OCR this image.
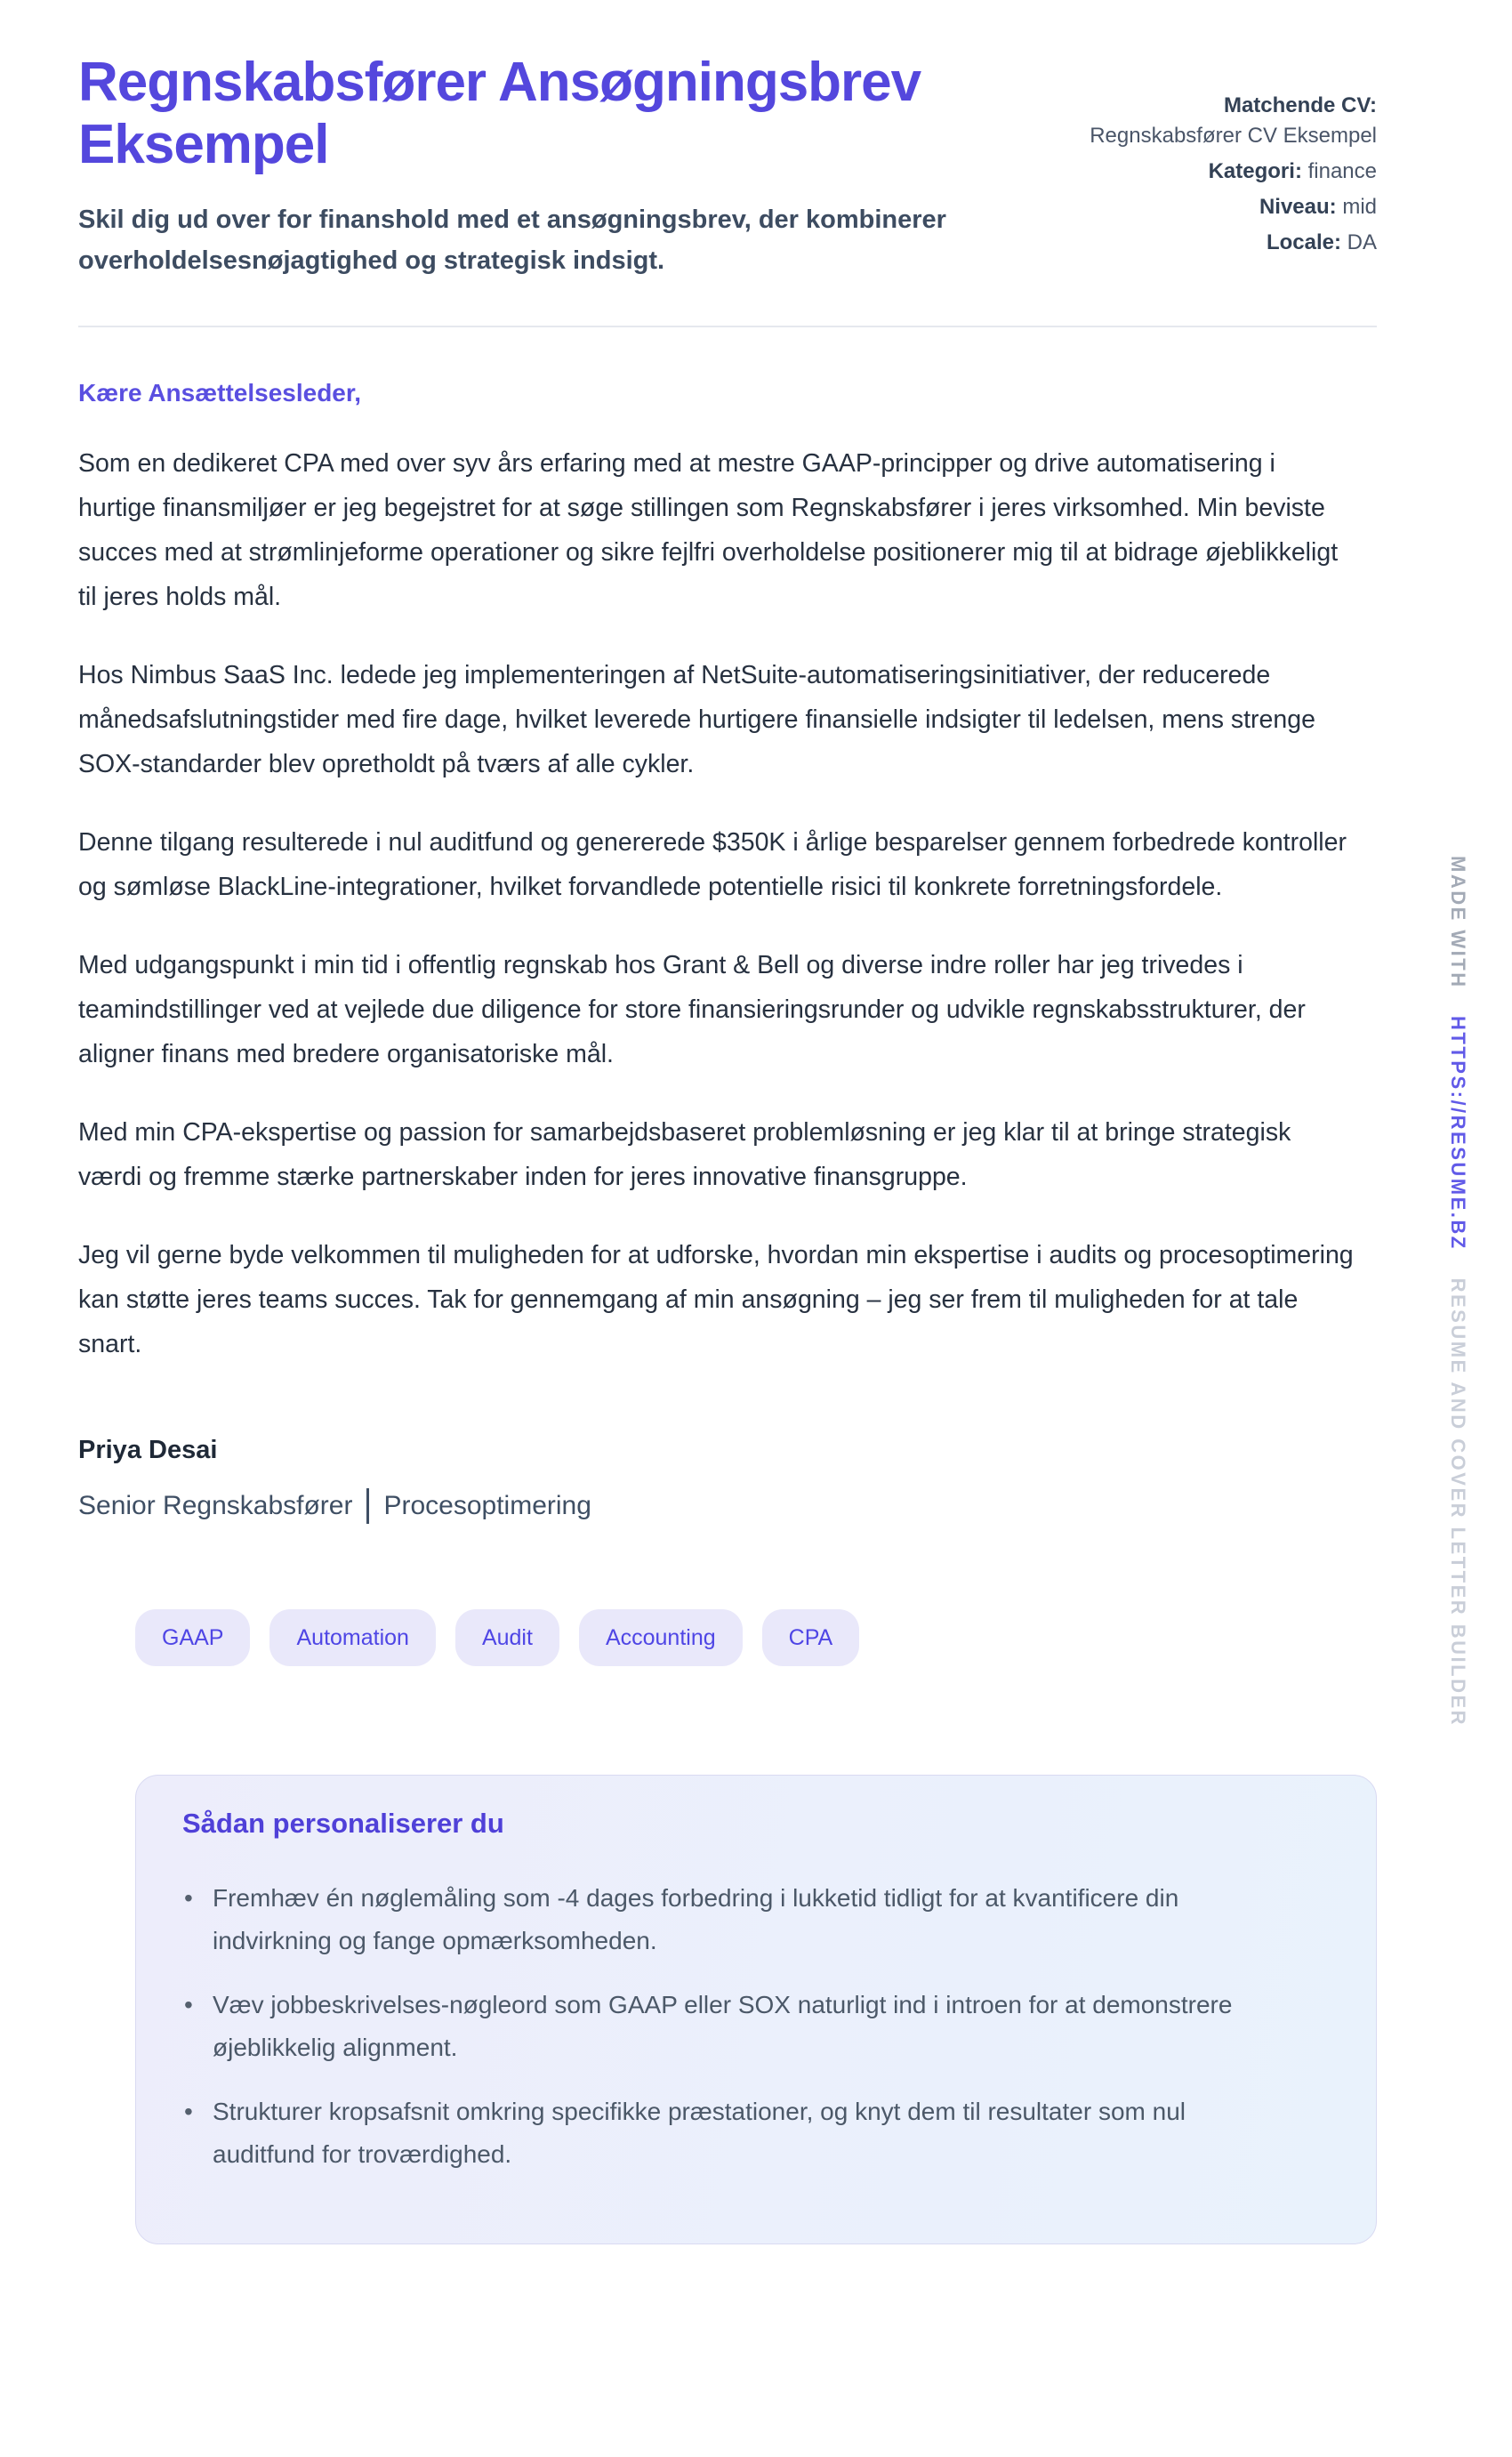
Regnskabsfører Ansøgningsbrev Eksempel
Skil dig ud over for finanshold med et ansøgningsbrev, der kombinerer overholdelsesnøjagtighed og strategisk indsigt.
Matchende CV:
Regnskabsfører CV Eksempel
Kategori: finance
Niveau: mid
Locale: DA
Kære Ansættelsesleder,

Som en dedikeret CPA med over syv års erfaring med at mestre GAAP-principper og drive automatisering i hurtige finansmiljøer er jeg begejstret for at søge stillingen som Regnskabsfører i jeres virksomhed. Min beviste succes med at strømlinjeforme operationer og sikre fejlfri overholdelse positionerer mig til at bidrage øjeblikkeligt til jeres holds mål.

Hos Nimbus SaaS Inc. ledede jeg implementeringen af NetSuite-automatiseringsinitiativer, der reducerede månedsafslutningstider med fire dage, hvilket leverede hurtigere finansielle indsigter til ledelsen, mens strenge SOX-standarder blev opretholdt på tværs af alle cykler.

Denne tilgang resulterede i nul auditfund og genererede $350K i årlige besparelser gennem forbedrede kontroller og sømløse BlackLine-integrationer, hvilket forvandlede potentielle risici til konkrete forretningsfordele.

Med udgangspunkt i min tid i offentlig regnskab hos Grant & Bell og diverse indre roller har jeg trivedes i teamindstillinger ved at vejlede due diligence for store finansieringsrunder og udvikle regnskabsstrukturer, der aligner finans med bredere organisatoriske mål.

Med min CPA-ekspertise og passion for samarbejdsbaseret problemløsning er jeg klar til at bringe strategisk værdi og fremme stærke partnerskaber inden for jeres innovative finansgruppe.

Jeg vil gerne byde velkommen til muligheden for at udforske, hvordan min ekspertise i audits og procesoptimering kan støtte jeres teams succes. Tak for gennemgang af min ansøgning – jeg ser frem til muligheden for at tale snart.

Priya Desai
Senior Regnskabsfører Procesoptimering
GAAP	Automation	Audit	Accounting	CPA
Sådan personaliserer du
• Fremhæv én nøglemåling som -4 dages forbedring i lukketid tidligt for at kvantificere din indvirkning og fange opmærksomheden.
• Væv jobbeskrivelses-nøgleord som GAAP eller SOX naturligt ind i introen for at demonstrere øjeblikkelig alignment.
• Strukturer kropsafsnit omkring specifikke præstationer, og knyt dem til resultater som nul auditfund for troværdighed.
MADE WITH HTTPS://RESUME.BZ RESUME AND COVER LETTER BUILDER
